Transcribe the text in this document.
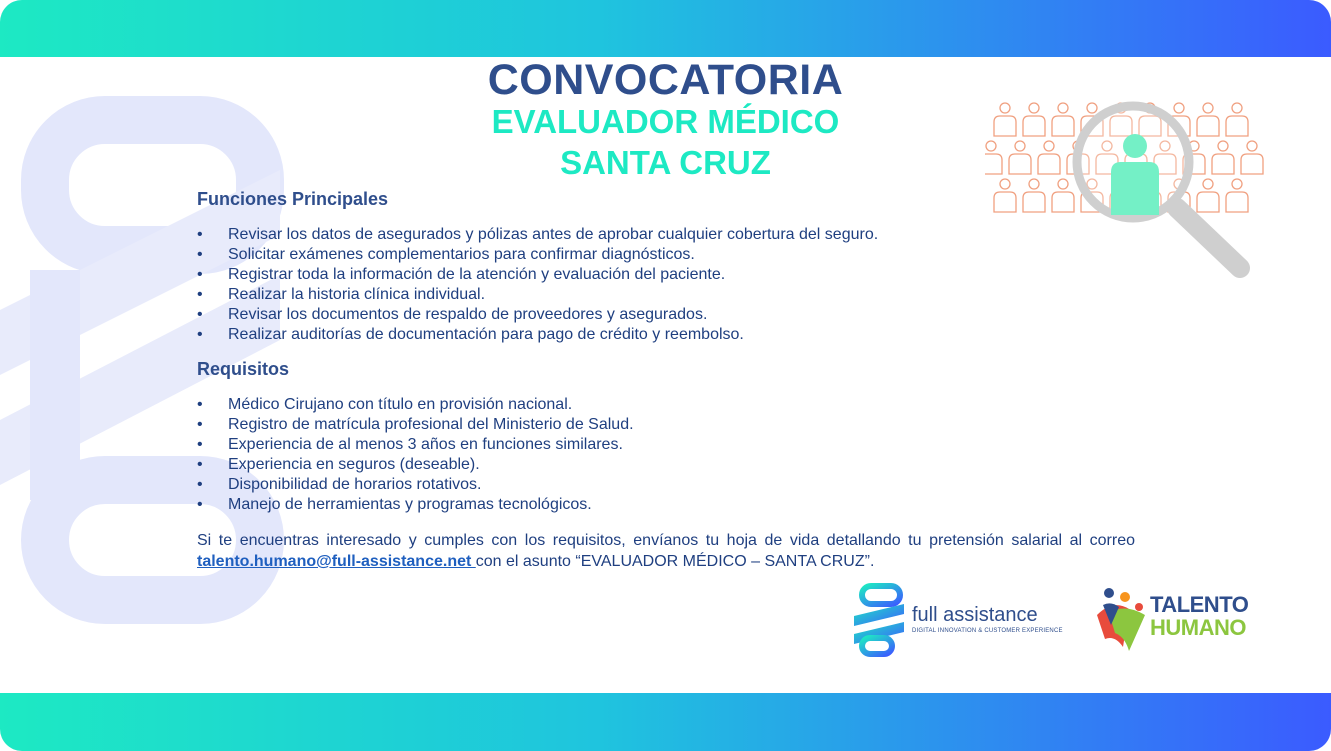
CONVOCATORIA
EVALUADOR MÉDICO
SANTA CRUZ
Funciones Principales
• Revisar los datos de asegurados y pólizas antes de aprobar cualquier cobertura del seguro.
• Solicitar exámenes complementarios para confirmar diagnósticos.
• Registrar toda la información de la atención y evaluación del paciente.
• Realizar la historia clínica individual.
• Revisar los documentos de respaldo de proveedores y asegurados.
• Realizar auditorías de documentación para pago de crédito y reembolso.
Requisitos
• Médico Cirujano con título en provisión nacional.
• Registro de matrícula profesional del Ministerio de Salud.
• Experiencia de al menos 3 años en funciones similares.
• Experiencia en seguros (deseable).
• Disponibilidad de horarios rotativos.
• Manejo de herramientas y programas tecnológicos.
Si te encuentras interesado y cumples con los requisitos, envíanos tu hoja de vida detallando tu pretensión salarial al correo talento.humano@full-assistance.net con el asunto “EVALUADOR MÉDICO – SANTA CRUZ”.
full assistance
DIGITAL INNOVATION & CUSTOMER EXPERIENCE
TALENTO
HUMANO
